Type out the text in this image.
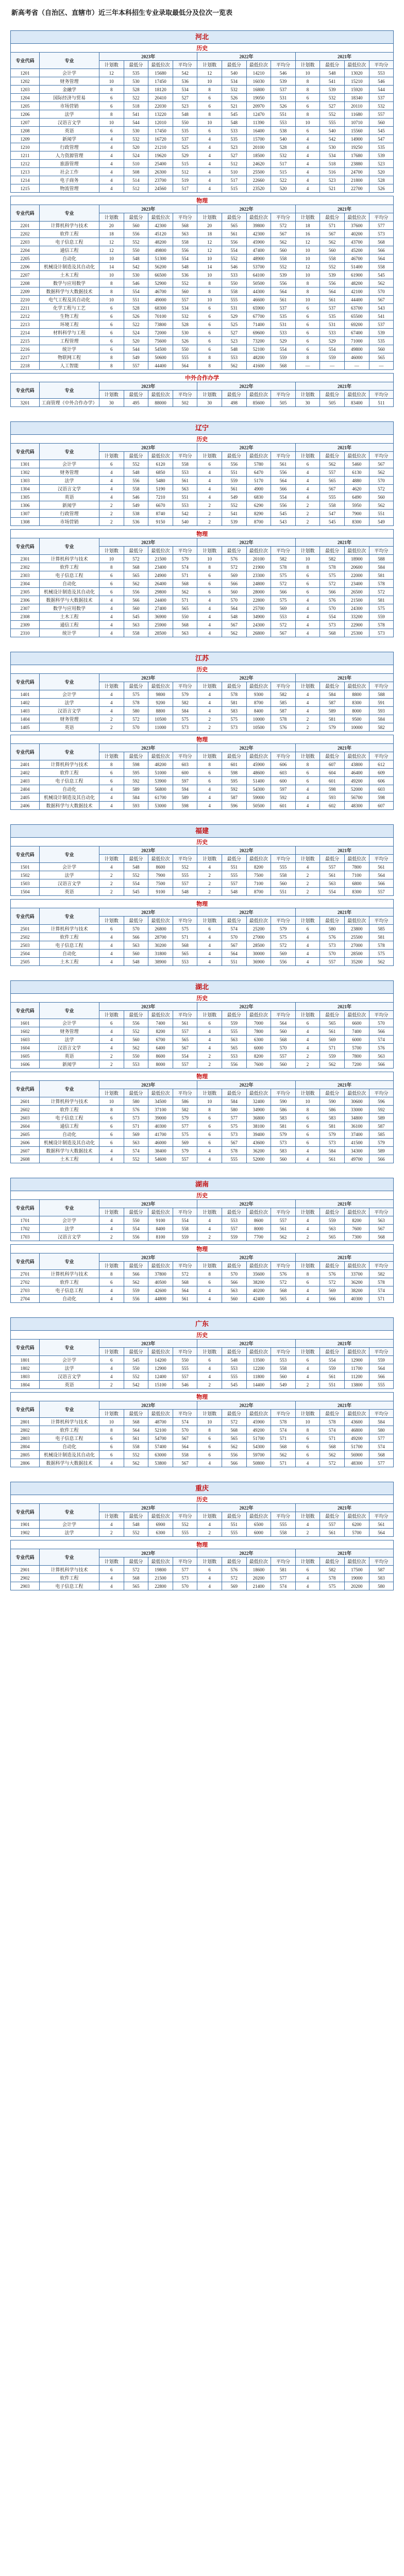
新高考省（自治区、直辖市）近三年本科招生专业录取最低分及位次一览表
河北
历史													
专业代码	专业	2023年				2022年				2021年			
		计划数	最低分	最低位次	平均分	计划数	最低分	最低位次	平均分	计划数	最低分	最低位次	平均分
1201	会计学	12	535	15680	542	12	540	14210	546	10	548	13020	553
1202	财务管理	10	530	17450	536	10	534	16030	539	8	541	15210	546
1203	金融学	8	528	18120	534	8	532	16800	537	8	539	15920	544
1204	国际经济与贸易	6	522	20410	527	6	526	19050	531	6	532	18340	537
1205	市场营销	6	518	22030	523	6	521	20970	526	6	527	20110	532
1206	法学	8	541	13220	548	8	545	12470	551	8	552	11680	557
1207	汉语言文学	10	544	12010	550	10	548	11390	553	10	555	10710	560
1208	英语	6	530	17450	535	6	533	16400	538	6	540	15560	545
1209	新闻学	4	532	16720	537	4	535	15700	540	4	542	14900	547
1210	行政管理	4	520	21210	525	4	523	20100	528	4	530	19250	535
1211	人力资源管理	4	524	19620	529	4	527	18500	532	4	534	17680	539
1212	旅游管理	4	510	25400	515	4	512	24620	517	4	518	23880	523
1213	社会工作	4	508	26300	512	4	510	25500	515	4	516	24700	520
1214	电子商务	4	514	23700	519	4	517	22660	522	4	523	21800	528
1215	物流管理	4	512	24560	517	4	515	23520	520	4	521	22700	526
物理													
专业代码	专业	2023年				2022年				2021年			
		计划数	最低分	最低位次	平均分	计划数	最低分	最低位次	平均分	计划数	最低分	最低位次	平均分
2201	计算机科学与技术	20	560	42300	568	20	565	39800	572	18	571	37600	577
2202	软件工程	18	556	45120	563	18	561	42300	567	16	567	40200	573
2203	电子信息工程	12	552	48200	558	12	556	45900	562	12	562	43700	568
2204	通信工程	12	550	49800	556	12	554	47400	560	10	560	45200	566
2205	自动化	10	548	51300	554	10	552	48900	558	10	558	46700	564
2206	机械设计制造及其自动化	14	542	56200	548	14	546	53700	552	12	552	51400	558
2207	土木工程	10	530	66500	536	10	533	64100	539	10	539	61900	545
2208	数学与应用数学	8	546	52900	552	8	550	50500	556	8	556	48200	562
2209	数据科学与大数据技术	8	554	46700	560	8	558	44300	564	8	564	42100	570
2210	电气工程及其自动化	10	551	49000	557	10	555	46600	561	10	561	44400	567
2211	化学工程与工艺	6	528	68300	534	6	531	65900	537	6	537	63700	543
2212	生物工程	6	526	70100	532	6	529	67700	535	6	535	65500	541
2213	环境工程	6	522	73800	528	6	525	71400	531	6	531	69200	537
2214	材料科学与工程	6	524	72000	530	6	527	69600	533	6	533	67400	539
2215	工程管理	6	520	75600	526	6	523	73200	529	6	529	71000	535
2216	统计学	6	544	54500	550	6	548	52100	554	6	554	49800	560
2217	物联网工程	8	549	50600	555	8	553	48200	559	8	559	46000	565
2218	人工智能	8	557	44400	564	8	562	41600	568	—	—	—	—
中外合作办学													
专业代码	专业	2023年				2022年				2021年			
		计划数	最低分	最低位次	平均分	计划数	最低分	最低位次	平均分	计划数	最低分	最低位次	平均分
3201	工商管理（中外合作办学）	30	495	88000	502	30	498	85600	505	30	505	83400	511
辽宁
历史													
专业代码	专业	2023年				2022年				2021年			
		计划数	最低分	最低位次	平均分	计划数	最低分	最低位次	平均分	计划数	最低分	最低位次	平均分
1301	会计学	6	552	6120	558	6	556	5780	561	6	562	5460	567
1302	财务管理	4	548	6850	553	4	551	6470	556	4	557	6130	562
1303	法学	4	556	5480	561	4	559	5170	564	4	565	4880	570
1304	汉语言文学	4	558	5190	563	4	561	4900	566	4	567	4620	572
1305	英语	4	546	7210	551	4	549	6830	554	4	555	6490	560
1306	新闻学	2	549	6670	553	2	552	6290	556	2	558	5950	562
1307	行政管理	2	538	8740	542	2	541	8290	545	2	547	7900	551
1308	市场营销	2	536	9150	540	2	539	8700	543	2	545	8300	549
物理													
专业代码	专业	2023年				2022年				2021年			
		计划数	最低分	最低位次	平均分	计划数	最低分	最低位次	平均分	计划数	最低分	最低位次	平均分
2301	计算机科学与技术	10	572	21500	579	10	576	20100	582	10	582	18900	588
2302	软件工程	8	568	23400	574	8	572	21900	578	8	578	20600	584
2303	电子信息工程	6	565	24900	571	6	569	23300	575	6	575	22000	581
2304	自动化	6	562	26400	568	6	566	24800	572	6	572	23400	578
2305	机械设计制造及其自动化	6	556	29800	562	6	560	28000	566	6	566	26500	572
2306	数据科学与大数据技术	4	566	24400	571	4	570	22800	575	4	576	21500	581
2307	数学与应用数学	4	560	27400	565	4	564	25700	569	4	570	24300	575
2308	土木工程	4	545	36900	550	4	548	34900	553	4	554	33200	559
2309	通信工程	4	563	25900	568	4	567	24300	572	4	573	22900	578
2310	统计学	4	558	28500	563	4	562	26800	567	4	568	25300	573
江苏
历史													
专业代码	专业	2023年				2022年				2021年			
		计划数	最低分	最低位次	平均分	计划数	最低分	最低位次	平均分	计划数	最低分	最低位次	平均分
1401	会计学	4	575	9800	579	4	578	9300	582	4	584	8800	588
1402	法学	4	578	9200	582	4	581	8700	585	4	587	8300	591
1403	汉语言文学	4	580	8800	584	4	583	8400	587	4	589	8000	593
1404	财务管理	2	572	10500	575	2	575	10000	578	2	581	9500	584
1405	英语	2	570	11000	573	2	573	10500	576	2	579	10000	582
物理													
专业代码	专业	2023年				2022年				2021年			
		计划数	最低分	最低位次	平均分	计划数	最低分	最低位次	平均分	计划数	最低分	最低位次	平均分
2401	计算机科学与技术	8	598	48200	603	8	601	45900	606	8	607	43800	612
2402	软件工程	6	595	51000	600	6	598	48600	603	6	604	46400	609
2403	电子信息工程	6	592	53900	597	6	595	51400	600	6	601	49200	606
2404	自动化	4	589	56800	594	4	592	54300	597	4	598	52000	603
2405	机械设计制造及其自动化	4	584	61700	589	4	587	59000	592	4	593	56700	598
2406	数据科学与大数据技术	4	593	53000	598	4	596	50500	601	4	602	48300	607
福建
历史													
专业代码	专业	2023年				2022年				2021年			
		计划数	最低分	最低位次	平均分	计划数	最低分	最低位次	平均分	计划数	最低分	最低位次	平均分
1501	会计学	4	548	8600	552	4	551	8200	555	4	557	7800	561
1502	法学	2	552	7900	555	2	555	7500	558	2	561	7100	564
1503	汉语言文学	2	554	7500	557	2	557	7100	560	2	563	6800	566
1504	英语	2	545	9100	548	2	548	8700	551	2	554	8300	557
物理													
专业代码	专业	2023年				2022年				2021年			
		计划数	最低分	最低位次	平均分	计划数	最低分	最低位次	平均分	计划数	最低分	最低位次	平均分
2501	计算机科学与技术	6	570	26800	575	6	574	25200	579	6	580	23800	585
2502	软件工程	4	566	28700	571	4	570	27000	575	4	576	25500	581
2503	电子信息工程	4	563	30200	568	4	567	28500	572	4	573	27000	578
2504	自动化	4	560	31800	565	4	564	30000	569	4	570	28500	575
2505	土木工程	4	548	38900	553	4	551	36900	556	4	557	35200	562
湖北
历史													
专业代码	专业	2023年				2022年				2021年			
		计划数	最低分	最低位次	平均分	计划数	最低分	最低位次	平均分	计划数	最低分	最低位次	平均分
1601	会计学	6	556	7400	561	6	559	7000	564	6	565	6600	570
1602	财务管理	4	552	8200	557	4	555	7800	560	4	561	7400	566
1603	法学	4	560	6700	565	4	563	6300	568	4	569	6000	574
1604	汉语言文学	4	562	6400	567	4	565	6000	570	4	571	5700	576
1605	英语	2	550	8600	554	2	553	8200	557	2	559	7800	563
1606	新闻学	2	553	8000	557	2	556	7600	560	2	562	7200	566
物理													
专业代码	专业	2023年				2022年				2021年			
		计划数	最低分	最低位次	平均分	计划数	最低分	最低位次	平均分	计划数	最低分	最低位次	平均分
2601	计算机科学与技术	10	580	34500	586	10	584	32400	590	10	590	30600	596
2602	软件工程	8	576	37100	582	8	580	34900	586	8	586	33000	592
2603	电子信息工程	6	573	39000	579	6	577	36800	583	6	583	34800	589
2604	通信工程	6	571	40300	577	6	575	38100	581	6	581	36100	587
2605	自动化	6	569	41700	575	6	573	39400	579	6	579	37400	585
2606	机械设计制造及其自动化	6	563	46000	569	6	567	43600	573	6	573	41500	579
2607	数据科学与大数据技术	4	574	38400	579	4	578	36200	583	4	584	34300	589
2608	土木工程	4	552	54600	557	4	555	52000	560	4	561	49700	566
湖南
历史													
专业代码	专业	2023年				2022年				2021年			
		计划数	最低分	最低位次	平均分	计划数	最低分	最低位次	平均分	计划数	最低分	最低位次	平均分
1701	会计学	4	550	9100	554	4	553	8600	557	4	559	8200	563
1702	法学	4	554	8400	558	4	557	8000	561	4	563	7600	567
1703	汉语言文学	2	556	8100	559	2	559	7700	562	2	565	7300	568
物理													
专业代码	专业	2023年				2022年				2021年			
		计划数	最低分	最低位次	平均分	计划数	最低分	最低位次	平均分	计划数	最低分	最低位次	平均分
2701	计算机科学与技术	8	566	37800	572	8	570	35600	576	8	576	33700	582
2702	软件工程	6	562	40500	568	6	566	38200	572	6	572	36200	578
2703	电子信息工程	4	559	42600	564	4	563	40200	568	4	569	38200	574
2704	自动化	4	556	44800	561	4	560	42400	565	4	566	40300	571
广东
历史													
专业代码	专业	2023年				2022年				2021年			
		计划数	最低分	最低位次	平均分	计划数	最低分	最低位次	平均分	计划数	最低分	最低位次	平均分
1801	会计学	6	545	14200	550	6	548	13500	553	6	554	12900	559
1802	法学	4	550	12900	555	4	553	12200	558	4	559	11700	564
1803	汉语言文学	4	552	12400	557	4	555	11800	560	4	561	11200	566
1804	英语	2	542	15100	546	2	545	14400	549	2	551	13800	555
物理													
专业代码	专业	2023年				2022年				2021年			
		计划数	最低分	最低位次	平均分	计划数	最低分	最低位次	平均分	计划数	最低分	最低位次	平均分
2801	计算机科学与技术	10	568	48700	574	10	572	45900	578	10	578	43600	584
2802	软件工程	8	564	52100	570	8	568	49200	574	8	574	46800	580
2803	电子信息工程	6	561	54700	567	6	565	51700	571	6	571	49200	577
2804	自动化	6	558	57400	564	6	562	54300	568	6	568	51700	574
2805	机械设计制造及其自动化	6	552	63000	558	6	556	59700	562	6	562	56900	568
2806	数据科学与大数据技术	4	562	53800	567	4	566	50800	571	4	572	48300	577
重庆
历史													
专业代码	专业	2023年				2022年				2021年			
		计划数	最低分	最低位次	平均分	计划数	最低分	最低位次	平均分	计划数	最低分	最低位次	平均分
1901	会计学	4	548	6900	552	4	551	6500	555	4	557	6200	561
1902	法学	2	552	6300	555	2	555	6000	558	2	561	5700	564
物理													
专业代码	专业	2023年				2022年				2021年			
		计划数	最低分	最低位次	平均分	计划数	最低分	最低位次	平均分	计划数	最低分	最低位次	平均分
2901	计算机科学与技术	6	572	19800	577	6	576	18600	581	6	582	17500	587
2902	软件工程	4	568	21500	573	4	572	20200	577	4	578	19000	583
2903	电子信息工程	4	565	22800	570	4	569	21400	574	4	575	20200	580
